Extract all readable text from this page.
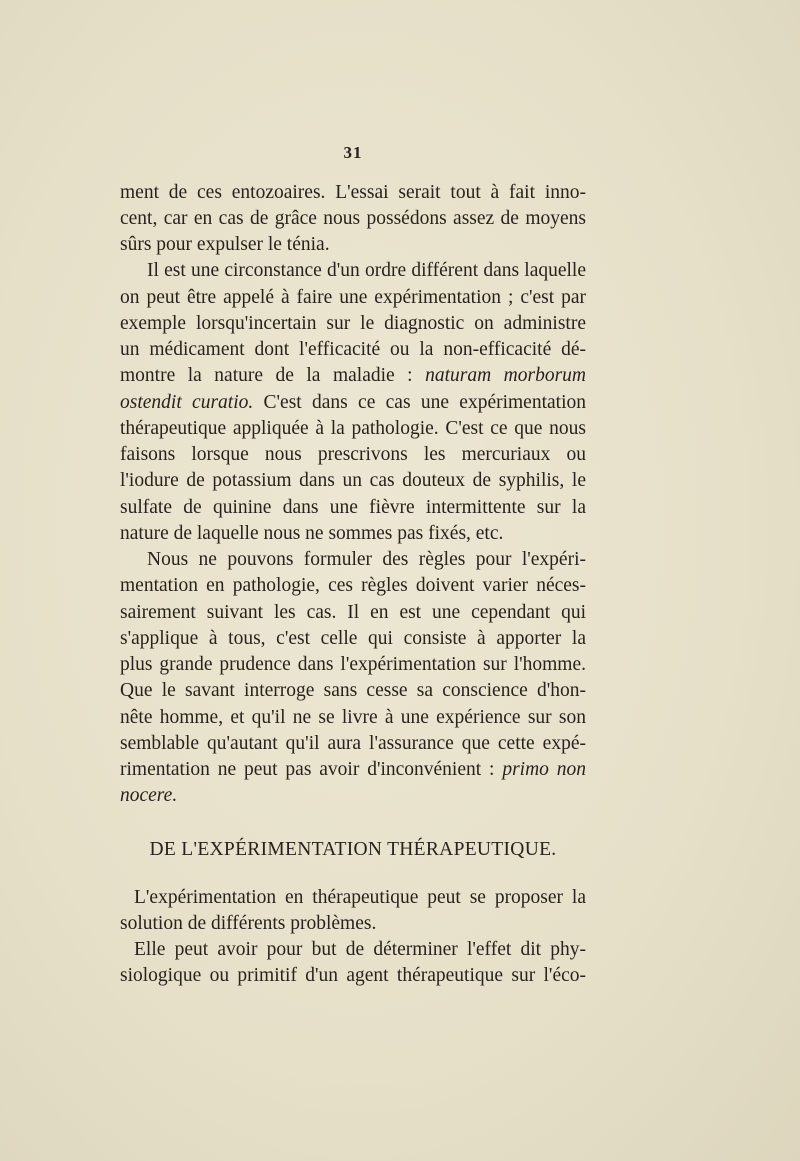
31
ment de ces entozoaires. L'essai serait tout à fait inno-
cent, car en cas de grâce nous possédons assez de moyens
sûrs pour expulser le ténia.
Il est une circonstance d'un ordre différent dans laquelle
on peut être appelé à faire une expérimentation ; c'est par
exemple lorsqu'incertain sur le diagnostic on administre
un médicament dont l'efficacité ou la non-efficacité dé-
montre la nature de la maladie : naturam morborum
ostendit curatio. C'est dans ce cas une expérimentation
thérapeutique appliquée à la pathologie. C'est ce que nous
faisons lorsque nous prescrivons les mercuriaux ou
l'iodure de potassium dans un cas douteux de syphilis, le
sulfate de quinine dans une fièvre intermittente sur la
nature de laquelle nous ne sommes pas fixés, etc.
Nous ne pouvons formuler des règles pour l'expéri-
mentation en pathologie, ces règles doivent varier néces-
sairement suivant les cas. Il en est une cependant qui
s'applique à tous, c'est celle qui consiste à apporter la
plus grande prudence dans l'expérimentation sur l'homme.
Que le savant interroge sans cesse sa conscience d'hon-
nête homme, et qu'il ne se livre à une expérience sur son
semblable qu'autant qu'il aura l'assurance que cette expé-
rimentation ne peut pas avoir d'inconvénient : primo non
nocere.
DE L'EXPÉRIMENTATION THÉRAPEUTIQUE.
L'expérimentation en thérapeutique peut se proposer la
solution de différents problèmes.
Elle peut avoir pour but de déterminer l'effet dit phy-
siologique ou primitif d'un agent thérapeutique sur l'éco-
